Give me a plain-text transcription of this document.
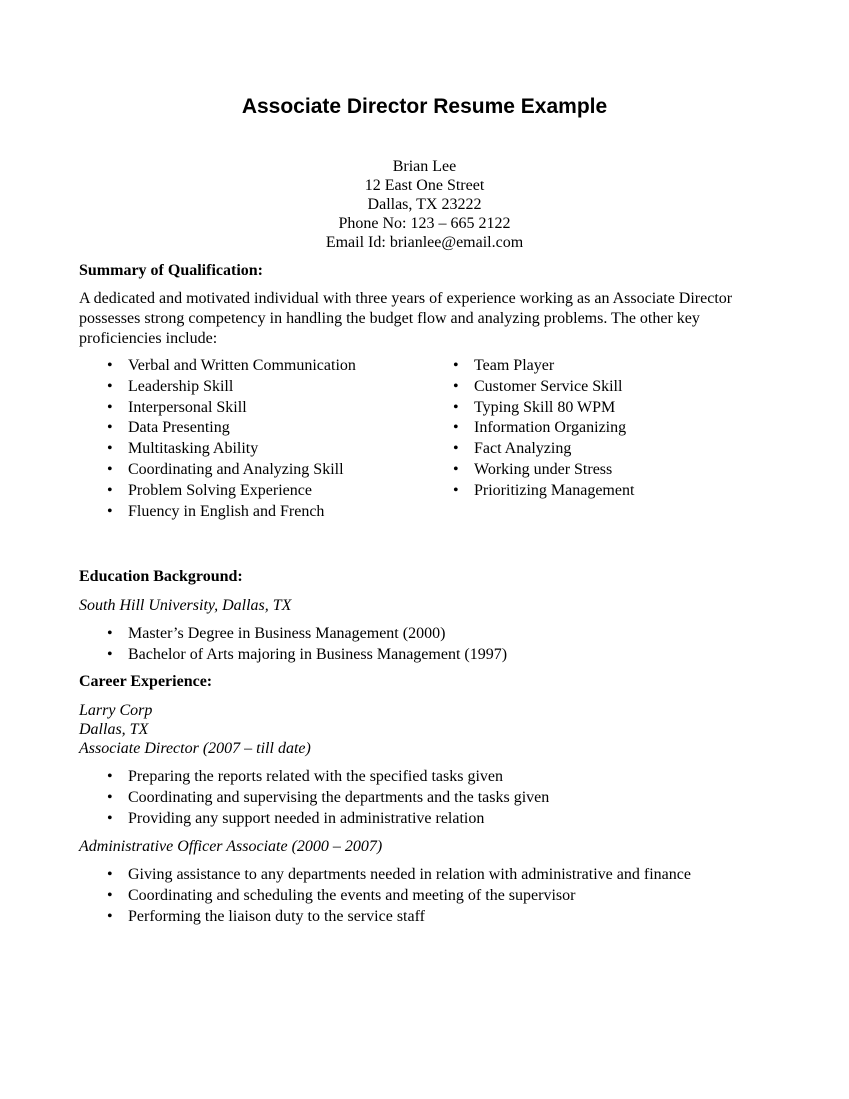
Associate Director Resume Example
Brian Lee
12 East One Street
Dallas, TX 23222
Phone No: 123 – 665 2122
Email Id: brianlee@email.com
Summary of Qualification:
A dedicated and motivated individual with three years of experience working as an Associate Director possesses strong competency in handling the budget flow and analyzing problems. The other key proficiencies include:
• Verbal and Written Communication
• Leadership Skill
• Interpersonal Skill
• Data Presenting
• Multitasking Ability
• Coordinating and Analyzing Skill
• Problem Solving Experience
• Fluency in English and French
• Team Player
• Customer Service Skill
• Typing Skill 80 WPM
• Information Organizing
• Fact Analyzing
• Working under Stress
• Prioritizing Management
Education Background:
South Hill University, Dallas, TX
• Master’s Degree in Business Management (2000)
• Bachelor of Arts majoring in Business Management (1997)
Career Experience:
Larry Corp
Dallas, TX
Associate Director (2007 – till date)
• Preparing the reports related with the specified tasks given
• Coordinating and supervising the departments and the tasks given
• Providing any support needed in administrative relation
Administrative Officer Associate (2000 – 2007)
• Giving assistance to any departments needed in relation with administrative and finance
• Coordinating and scheduling the events and meeting of the supervisor
• Performing the liaison duty to the service staff
